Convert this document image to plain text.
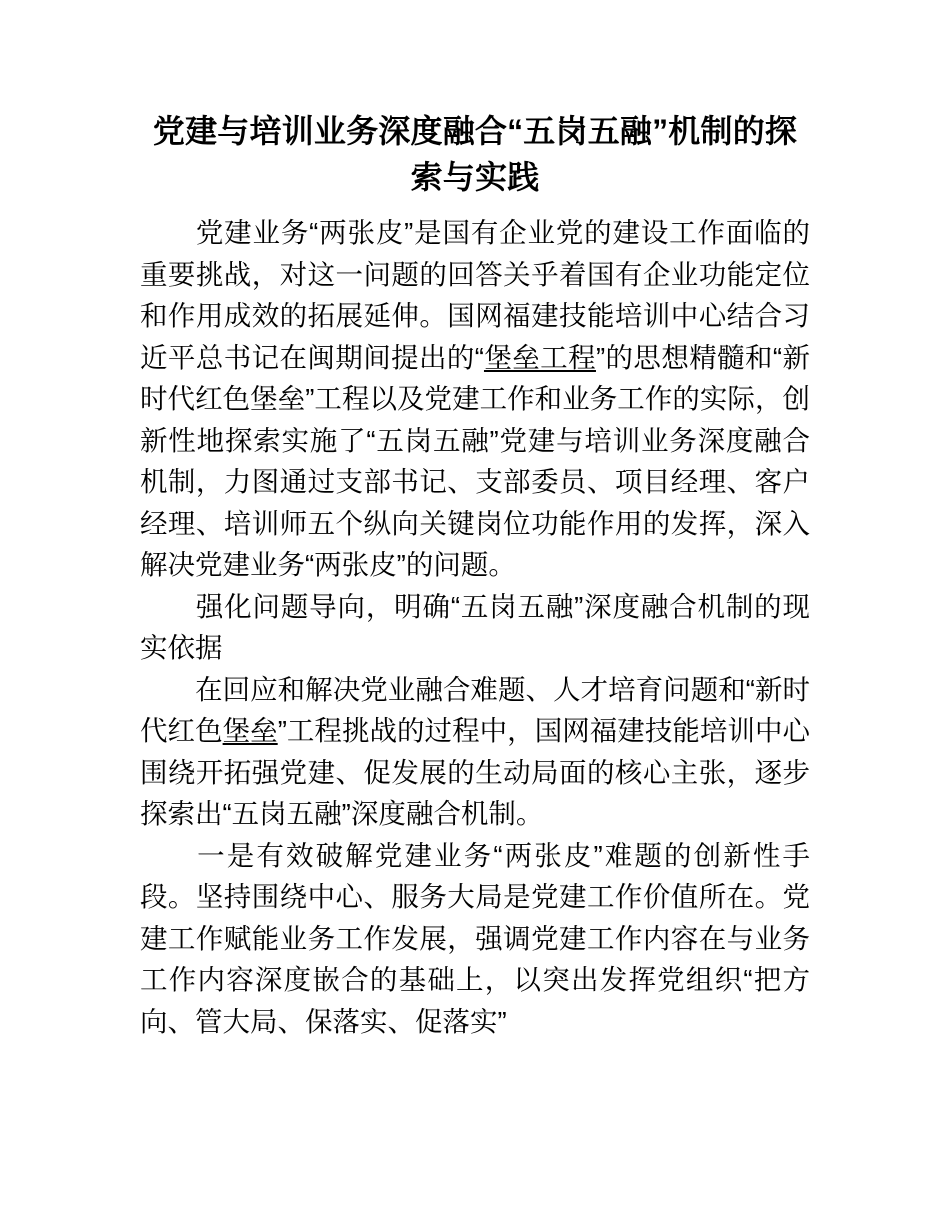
党建与培训业务深度融合“五岗五融”机制的探索与实践

党建业务“两张皮”是国有企业党的建设工作面临的重要挑战，对这一问题的回答关乎着国有企业功能定位和作用成效的拓展延伸。国网福建技能培训中心结合习近平总书记在闽期间提出的“堡垒工程”的思想精髓和“新时代红色堡垒”工程以及党建工作和业务工作的实际，创新性地探索实施了“五岗五融”党建与培训业务深度融合机制，力图通过支部书记、支部委员、项目经理、客户经理、培训师五个纵向关键岗位功能作用的发挥，深入解决党建业务“两张皮”的问题。

强化问题导向，明确“五岗五融”深度融合机制的现实依据

在回应和解决党业融合难题、人才培育问题和“新时代红色堡垒”工程挑战的过程中，国网福建技能培训中心围绕开拓强党建、促发展的生动局面的核心主张，逐步探索出“五岗五融”深度融合机制。

一是有效破解党建业务“两张皮”难题的创新性手段。坚持围绕中心、服务大局是党建工作价值所在。党建工作赋能业务工作发展，强调党建工作内容在与业务工作内容深度嵌合的基础上，以突出发挥党组织“把方向、管大局、保落实、促落实”
